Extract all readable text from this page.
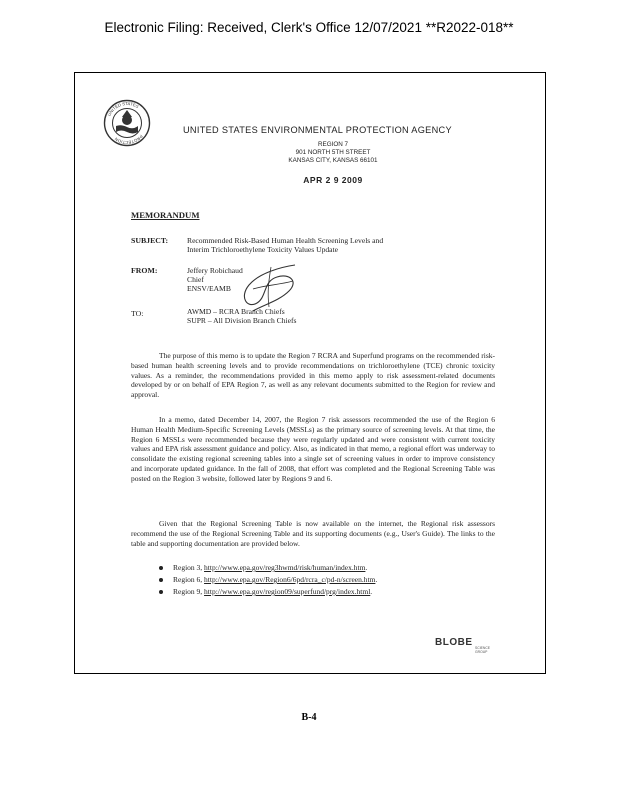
Electronic Filing: Received, Clerk's Office 12/07/2021 **R2022-018**
UNITED STATES
PROTECTION
UNITED STATES ENVIRONMENTAL PROTECTION AGENCY
REGION 7
901 NORTH 5TH STREET
KANSAS CITY, KANSAS 66101
APR 2 9 2009
MEMORANDUM
SUBJECT: Recommended Risk-Based Human Health Screening Levels and
Interim Trichloroethylene Toxicity Values Update
FROM:	Jeffery Robichaud
Chief
ENSV/EAMB
TO:	AWMD – RCRA Branch Chiefs
SUPR – All Division Branch Chiefs
The purpose of this memo is to update the Region 7 RCRA and Superfund programs on the recommended risk-based human health screening levels and to provide recommendations on trichloroethylene (TCE) chronic toxicity values. As a reminder, the recommendations provided in this memo apply to risk assessment-related documents developed by or on behalf of EPA Region 7, as well as any relevant documents submitted to the Region for review and approval.
In a memo, dated December 14, 2007, the Region 7 risk assessors recommended the use of the Region 6 Human Health Medium-Specific Screening Levels (MSSLs) as the primary source of screening levels. At that time, the Region 6 MSSLs were recommended because they were regularly updated and were consistent with current toxicity values and EPA risk assessment guidance and policy. Also, as indicated in that memo, a regional effort was underway to consolidate the existing regional screening tables into a single set of screening values in order to improve consistency and incorporate updated guidance. In the fall of 2008, that effort was completed and the Regional Screening Table was posted on the Region 3 website, followed later by Regions 9 and 6.
Given that the Regional Screening Table is now available on the internet, the Regional risk assessors recommend the use of the Regional Screening Table and its supporting documents (e.g., User's Guide). The links to the table and supporting documentation are provided below.
Region 3, http://www.epa.gov/reg3hwmd/risk/human/index.htm.
Region 6, http://www.epa.gov/Region6/6pd/rcra_c/pd-n/screen.htm.
Region 9, http://www.epa.gov/region09/superfund/prg/index.html.
BLOBE SCIENCE
GROUP
B-4
